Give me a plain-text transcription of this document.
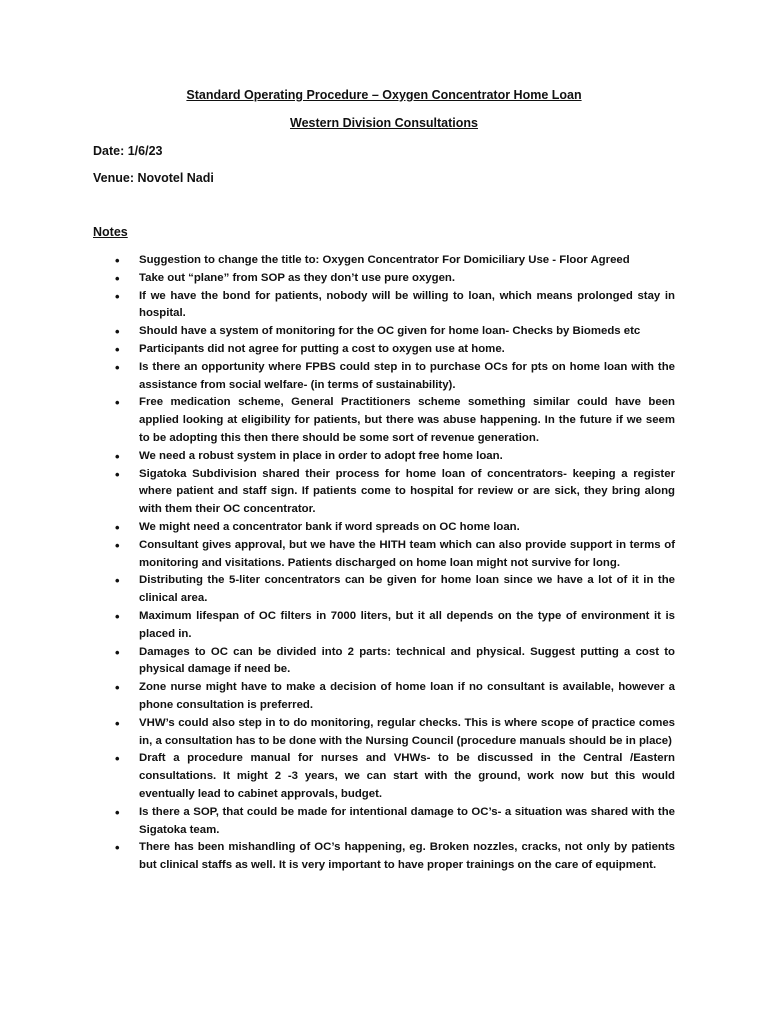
Standard Operating Procedure – Oxygen Concentrator Home Loan
Western Division Consultations
Date: 1/6/23
Venue: Novotel Nadi
Notes
• Suggestion to change the title to: Oxygen Concentrator For Domiciliary Use - Floor Agreed
• Take out “plane” from SOP as they don’t use pure oxygen.
• If we have the bond for patients, nobody will be willing to loan, which means prolonged stay in hospital.
• Should have a system of monitoring for the OC given for home loan- Checks by Biomeds etc
• Participants did not agree for putting a cost to oxygen use at home.
• Is there an opportunity where FPBS could step in to purchase OCs for pts on home loan with the assistance from social welfare- (in terms of sustainability).
• Free medication scheme, General Practitioners scheme something similar could have been applied looking at eligibility for patients, but there was abuse happening. In the future if we seem to be adopting this then there should be some sort of revenue generation.
• We need a robust system in place in order to adopt free home loan.
• Sigatoka Subdivision shared their process for home loan of concentrators- keeping a register where patient and staff sign. If patients come to hospital for review or are sick, they bring along with them their OC concentrator.
• We might need a concentrator bank if word spreads on OC home loan.
• Consultant gives approval, but we have the HITH team which can also provide support in terms of monitoring and visitations. Patients discharged on home loan might not survive for long.
• Distributing the 5-liter concentrators can be given for home loan since we have a lot of it in the clinical area.
• Maximum lifespan of OC filters in 7000 liters, but it all depends on the type of environment it is placed in.
• Damages to OC can be divided into 2 parts: technical and physical. Suggest putting a cost to physical damage if need be.
• Zone nurse might have to make a decision of home loan if no consultant is available, however a phone consultation is preferred.
• VHW’s could also step in to do monitoring, regular checks. This is where scope of practice comes in, a consultation has to be done with the Nursing Council (procedure manuals should be in place)
• Draft a procedure manual for nurses and VHWs- to be discussed in the Central /Eastern consultations. It might 2 -3 years, we can start with the ground, work now but this would eventually lead to cabinet approvals, budget.
• Is there a SOP, that could be made for intentional damage to OC’s- a situation was shared with the Sigatoka team.
• There has been mishandling of OC’s happening, eg. Broken nozzles, cracks, not only by patients but clinical staffs as well. It is very important to have proper trainings on the care of equipment.
